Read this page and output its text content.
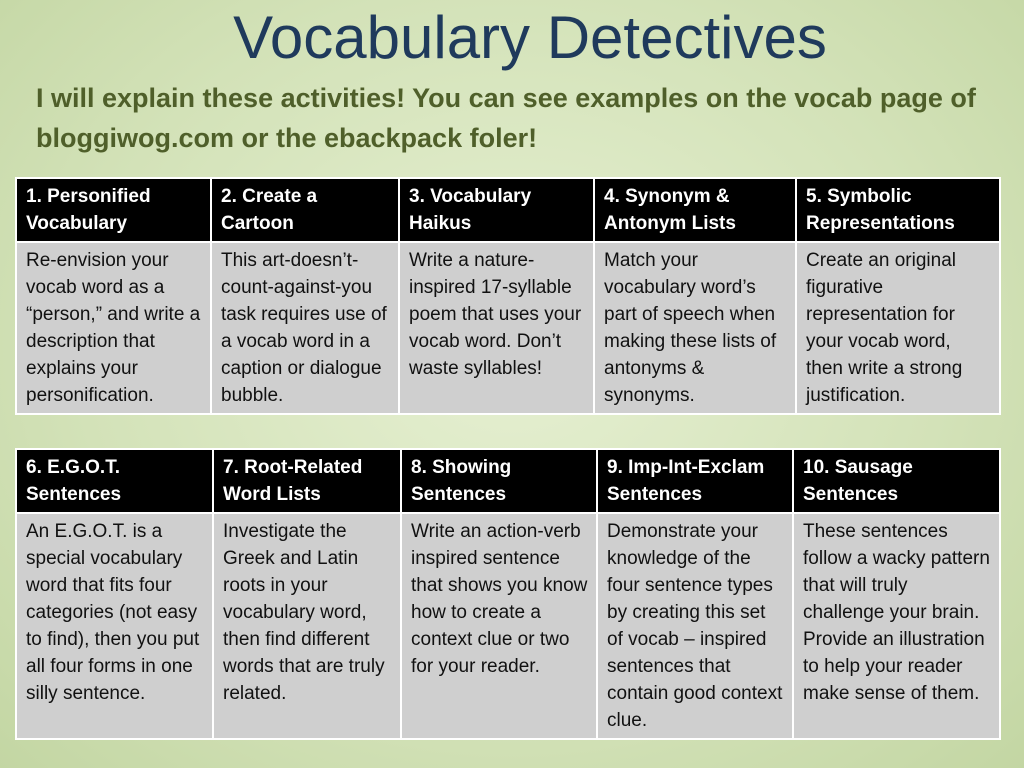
Vocabulary Detectives
I will explain these activities! You can see examples on the vocab page of bloggiwog.com or the ebackpack foler!
1. Personified Vocabulary	2. Create a Cartoon	3. Vocabulary Haikus	4. Synonym & Antonym Lists	5. Symbolic Representations
Re-envision your vocab word as a “person,” and write a description that explains your personification.	This art-doesn’t-count-against-you task requires use of a vocab word in a caption or dialogue bubble.	Write a nature-inspired 17-syllable poem that uses your vocab word. Don’t waste syllables!	Match your vocabulary word’s part of speech when making these lists of antonyms & synonyms.	Create an original figurative representation for your vocab word, then write a strong justification.
6. E.G.O.T. Sentences	7. Root-Related Word Lists	8. Showing Sentences	9. Imp-Int-Exclam Sentences	10. Sausage Sentences
An E.G.O.T. is a special vocabulary word that fits four categories (not easy to find), then you put all four forms in one silly sentence.	Investigate the Greek and Latin roots in your vocabulary word, then find different words that are truly related.	Write an action-verb inspired sentence that shows you know how to create a context clue or two for your reader.	Demonstrate your knowledge of the four sentence types by creating this set of vocab – inspired sentences that contain good context clue.	These sentences follow a wacky pattern that will truly challenge your brain. Provide an illustration to help your reader make sense of them.
